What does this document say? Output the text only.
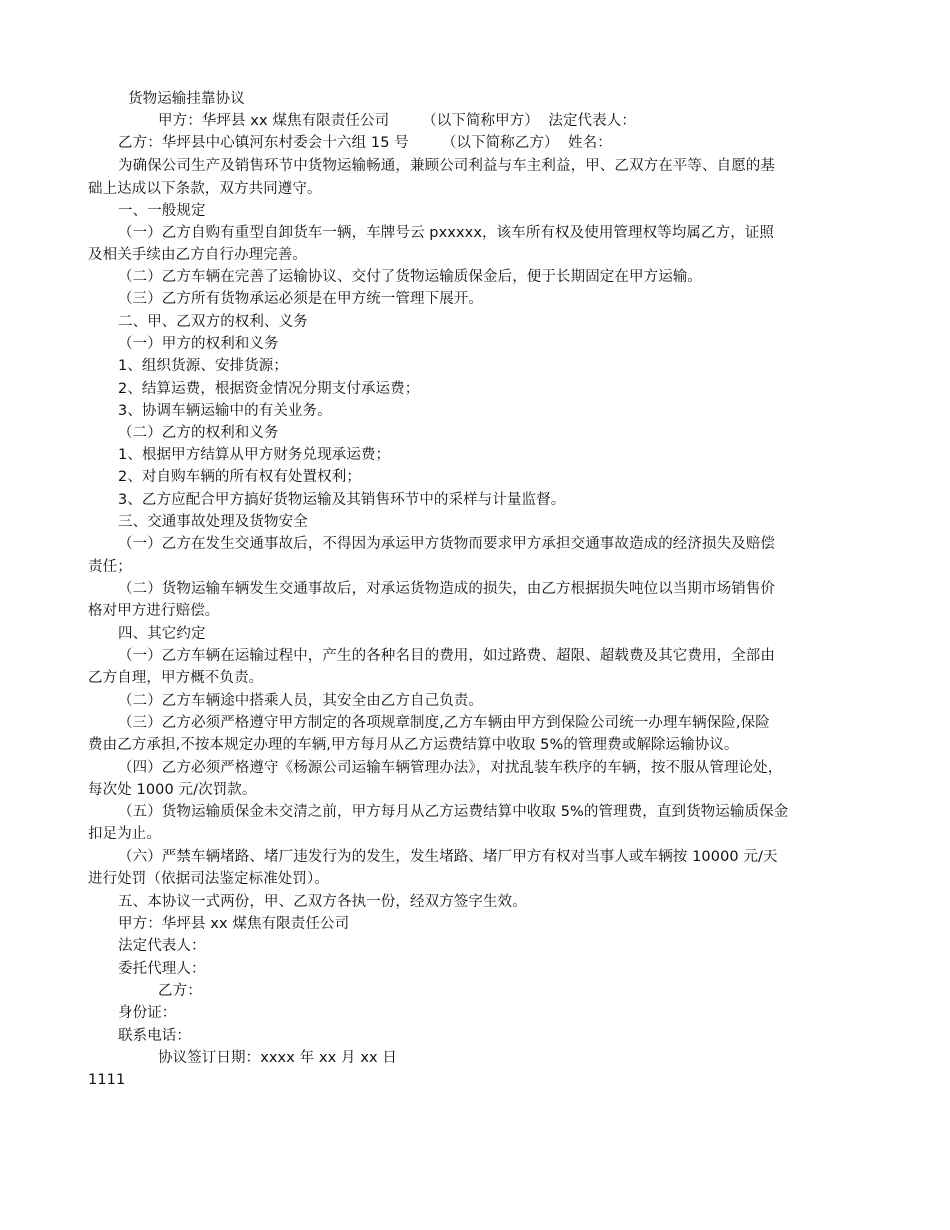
货物运输挂靠协议

甲方：华坪县 xx 煤焦有限责任公司       （以下简称甲方）  法定代表人：

乙方：华坪县中心镇河东村委会十六组 15 号       （以下简称乙方）  姓名：

为确保公司生产及销售环节中货物运输畅通，兼顾公司利益与车主利益，甲、乙双方在平等、自愿的基

础上达成以下条款，双方共同遵守。

一、一般规定

（一）乙方自购有重型自卸货车一辆，车牌号云 pxxxxx，该车所有权及使用管理权等均属乙方，证照

及相关手续由乙方自行办理完善。

（二）乙方车辆在完善了运输协议、交付了货物运输质保金后，便于长期固定在甲方运输。

（三）乙方所有货物承运必须是在甲方统一管理下展开。

二、甲、乙双方的权利、义务

（一）甲方的权利和义务

1、组织货源、安排货源；

2、结算运费，根据资金情况分期支付承运费；

3、协调车辆运输中的有关业务。

（二）乙方的权利和义务

1、根据甲方结算从甲方财务兑现承运费；

2、对自购车辆的所有权有处置权利；

3、乙方应配合甲方搞好货物运输及其销售环节中的采样与计量监督。

三、交通事故处理及货物安全

（一）乙方在发生交通事故后，不得因为承运甲方货物而要求甲方承担交通事故造成的经济损失及赔偿

责任；

（二）货物运输车辆发生交通事故后，对承运货物造成的损失，由乙方根据损失吨位以当期市场销售价

格对甲方进行赔偿。

四、其它约定

（一）乙方车辆在运输过程中，产生的各种名目的费用，如过路费、超限、超载费及其它费用，全部由

乙方自理，甲方概不负责。

（二）乙方车辆途中搭乘人员，其安全由乙方自己负责。

（三）乙方必须严格遵守甲方制定的各项规章制度,乙方车辆由甲方到保险公司统一办理车辆保险,保险

费由乙方承担,不按本规定办理的车辆,甲方每月从乙方运费结算中收取 5%的管理费或解除运输协议。

（四）乙方必须严格遵守《杨源公司运输车辆管理办法》，对扰乱装车秩序的车辆，按不服从管理论处，

每次处 1000 元/次罚款。

（五）货物运输质保金未交清之前，甲方每月从乙方运费结算中收取 5%的管理费，直到货物运输质保金

扣足为止。

（六）严禁车辆堵路、堵厂违发行为的发生，发生堵路、堵厂甲方有权对当事人或车辆按 10000 元/天

进行处罚（依据司法鉴定标准处罚）。

五、本协议一式两份，甲、乙双方各执一份，经双方签字生效。

甲方：华坪县 xx 煤焦有限责任公司

法定代表人：

委托代理人：

乙方：

身份证：

联系电话：

协议签订日期：xxxx 年 xx 月 xx 日

1111
